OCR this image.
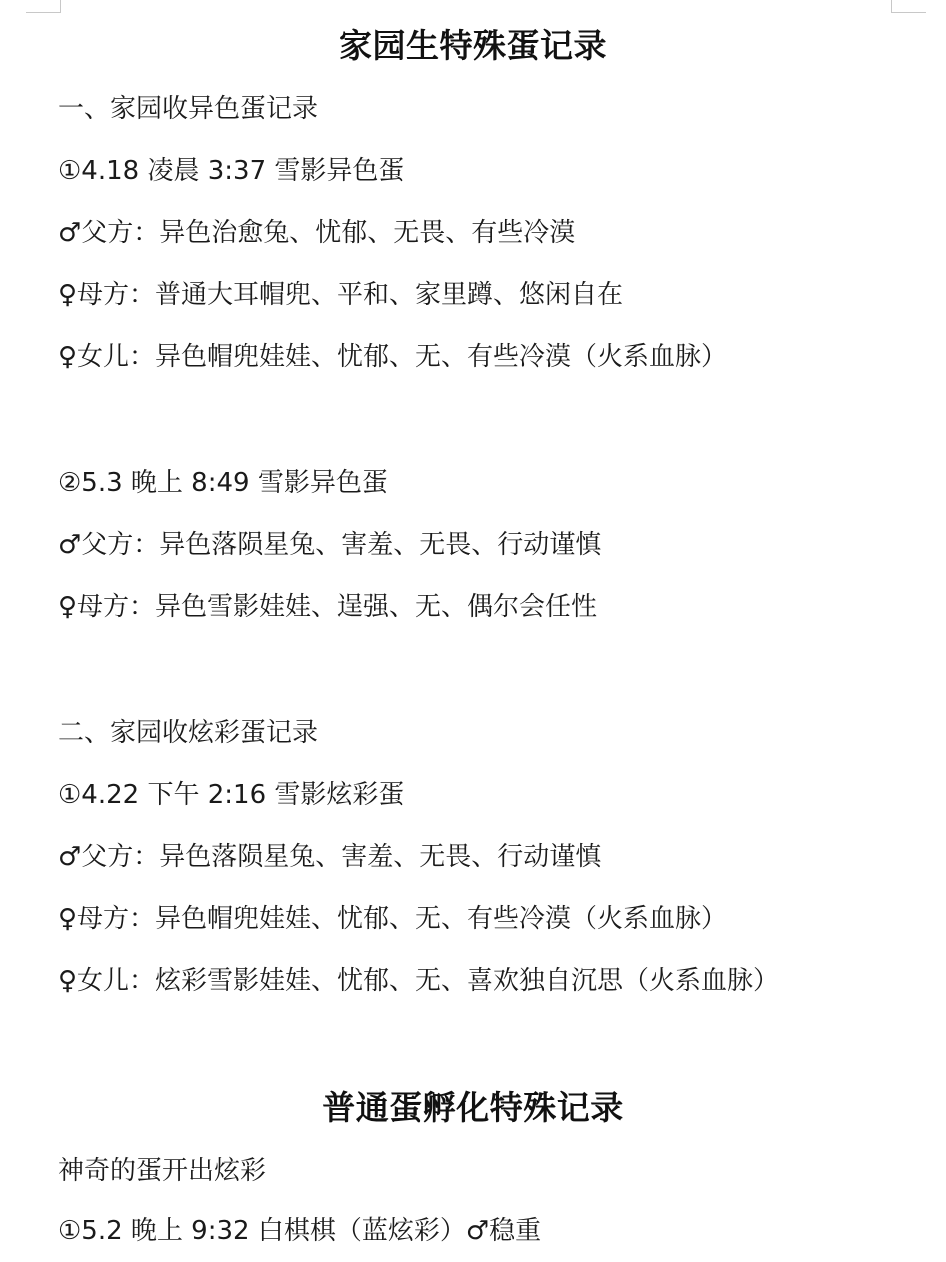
家园生特殊蛋记录
一、家园收异色蛋记录
①4.18 凌晨 3:37 雪影异色蛋
♂父方：异色治愈兔、忧郁、无畏、有些冷漠
♀母方：普通大耳帽兜、平和、家里蹲、悠闲自在
♀女儿：异色帽兜娃娃、忧郁、无、有些冷漠（火系血脉）
②5.3 晚上 8:49 雪影异色蛋
♂父方：异色落陨星兔、害羞、无畏、行动谨慎
♀母方：异色雪影娃娃、逞强、无、偶尔会任性
二、家园收炫彩蛋记录
①4.22 下午 2:16 雪影炫彩蛋
♂父方：异色落陨星兔、害羞、无畏、行动谨慎
♀母方：异色帽兜娃娃、忧郁、无、有些冷漠（火系血脉）
♀女儿：炫彩雪影娃娃、忧郁、无、喜欢独自沉思（火系血脉）
普通蛋孵化特殊记录
神奇的蛋开出炫彩
①5.2 晚上 9:32 白棋棋（蓝炫彩）♂稳重
